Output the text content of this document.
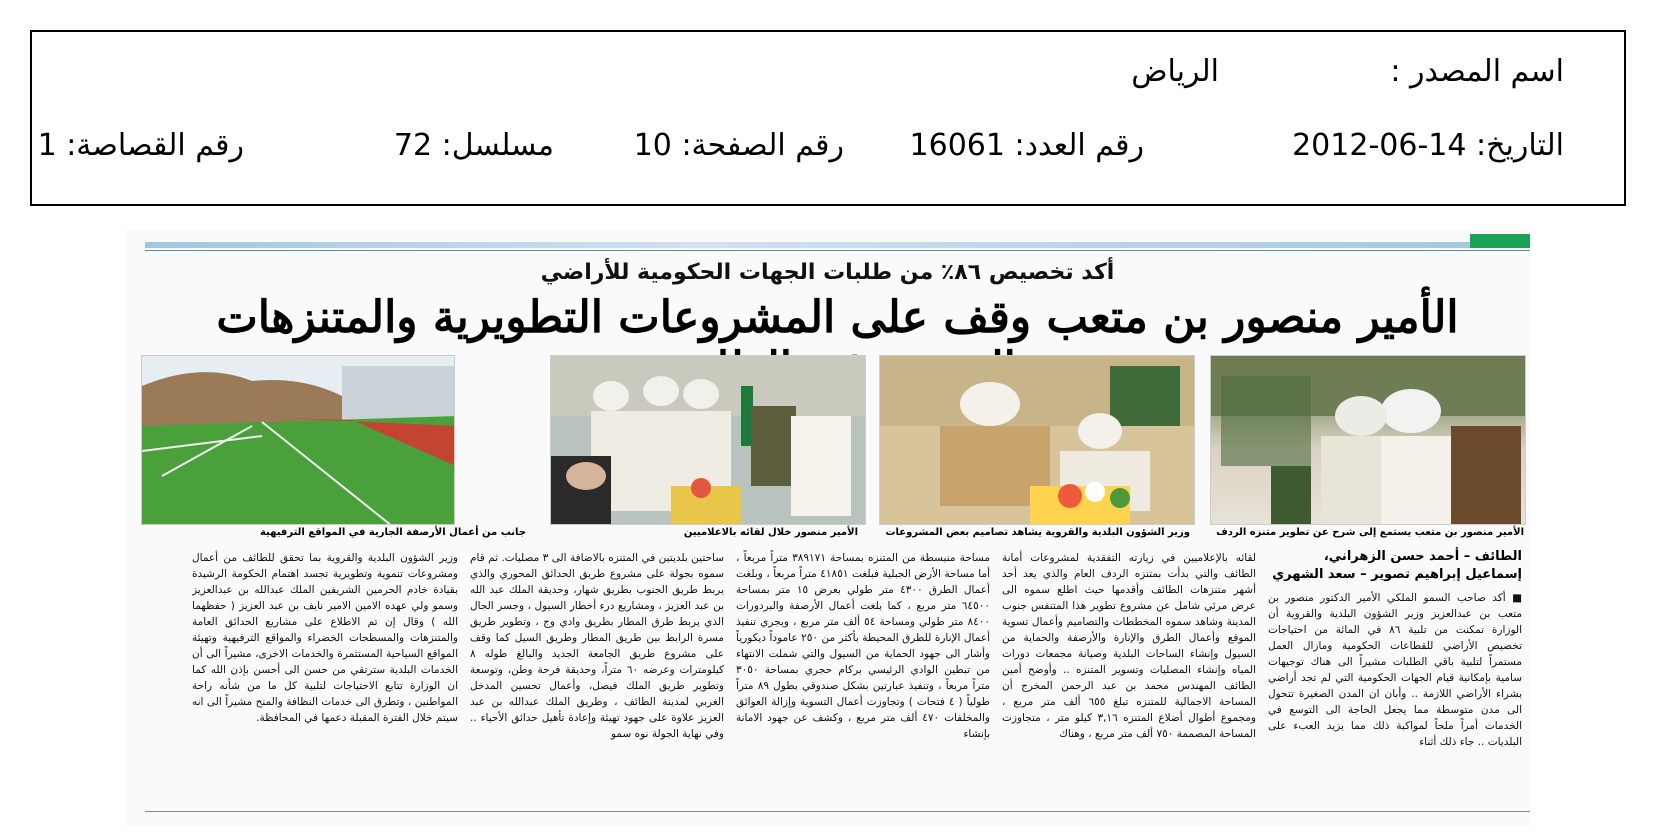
اسم المصدر :
الرياض
التاريخ: 14-06-2012
رقم العدد: 16061
رقم الصفحة: 10
مسلسل: 72
رقم القصاصة: 1
أكد تخصيص ٨٦٪ من طلبات الجهات الحكومية للأراضي
الأمير منصور بن متعب وقف على المشروعات التطويرية والمتنزهات
الأمير منصور بن متعب يستمع إلى شرح عن تطوير متنزه الردف
وزير الشؤون البلدية والقروية يشاهد تصاميم بعض المشروعات
الأمير منصور خلال لقائه بالاعلاميين
جانب من أعمال الأرصفة الجارية في المواقع الترفيهية
الطائف – أحمد حسن الزهراني، إسماعيل إبراهيم تصوير – سعد الشهري
■ أكد صاحب السمو الملكي الأمير الدكتور منصور بن متعب بن عبدالعزيز وزير الشؤون البلدية والقروية أن الوزارة تمكنت من تلبية ٨٦ في المائة من احتياجات تخصيص الأراضي للقطاعات الحكومية ومازال العمل مستمراً لتلبية باقي الطلبات مشيراً الى هناك توجيهات سامية بإمكانية قيام الجهات الحكومية التي لم تجد أراضي بشراء الأراضي اللازمة .. وأبان ان المدن الصغيرة تتحول الى مدن متوسطة مما يجعل الحاجة الى التوسع في الخدمات أمراً ملحاً لمواكبة ذلك مما يزيد العبء على البلديات .. جاء ذلك أثناء
لقائه بالإعلاميين في زيارته التفقدية لمشروعات أمانة الطائف والتي بدأت بمتنزه الردف العام والذي يعد أحد أشهر متنزهات الطائف وأقدمها حيث اطلع سموه الى عرض مرئي شامل عن مشروع تطوير هذا المتنفس جنوب المدينة وشاهد سموه المخططات والتصاميم وأعمال تسوية الموقع وأعمال الطرق والإنارة والأرصفة والحماية من السيول وإنشاء الساحات البلدية وصيانة مجمعات دورات المياه وإنشاء المصليات وتسوير المتنزه .. وأوضح أمين الطائف المهندس محمد بن عبد الرحمن المخرج أن المساحة الاجمالية للمتنزه تبلغ ٦٥٥ ألف متر مربع ، ومجموع أطوال أضلاع المتنزه ٣,١٦ كيلو متر ، متجاوزت المساحة المصممة ٧٥٠ ألف متر مربع ، وهناك
مساحة منبسطة من المتنزه بمساحة ٣٨٩١٧١ متراً مربعاً ، أما مساحة الأرض الجبلية فبلغت ٤١٨٥١ متراً مربعاً ، وبلغت أعمال الطرق ٤٣٠٠ متر طولي بعرض ١٥ متر بمساحة ٦٤٥٠٠ متر مربع ، كما بلغت أعمال الأرصفة والبردورات ٨٤٠٠ متر طولي ومساحة ٥٤ ألف متر مربع ، ويجري تنفيذ أعمال الإنارة للطرق المحيطة بأكثر من ٢٥٠ عاموداً ديكورياً وأشار الى جهود الحماية من السيول والتي شملت الانتهاء من تبطين الوادي الرئيسي بركام حجري بمساحة ٣٠٥٠ متراً مربعاً ، وتنفيذ عبارتين بشكل صندوقي بطول ٨٩ متراً طولياً ( ٤ فتحات ) وتجاوزت أعمال التسوية وإزالة العوائق والمخلفات ٤٧٠ ألف متر مربع ، وكشف عن جهود الامانة بإنشاء
ساحتين بلديتين في المتنزه بالاضافة الى ٣ مصليات. ثم قام سموه بجولة على مشروع طريق الحدائق المحوري والذي يربط طريق الجنوب بطريق شهار، وحديقة الملك عبد الله بن عبد العزيز ، ومشاريع درء أخطار السيول ، وجسر الجال الذي يربط طرق المطار بطريق وادي وج ، وتطوير طريق مسرة الرابط بين طريق المطار وطريق السيل كما وقف على مشروع طريق الجامعة الجديد والبالغ طوله ٨ كيلومترات وعرضه ٦٠ متراً، وحديقة فرحة وطن، وتوسعة وتطوير طريق الملك فيصل، وأعمال تحسين المدخل الغربي لمدينة الطائف ، وطريق الملك عبدالله بن عبد العزيز علاوة على جهود تهيئة وإعادة تأهيل حدائق الأحياء .. وفي نهاية الجولة نوه سمو
وزير الشؤون البلدية والقروية بما تحقق للطائف من أعمال ومشروعات تنموية وتطويرية تجسد اهتمام الحكومة الرشيدة بقيادة خادم الحرمين الشريفين الملك عبدالله بن عبدالعزيز وسمو ولي عهده الامين الامير نايف بن عبد العزيز ( حفظهما الله ) وقال إن تم الاطلاع على مشاريع الحدائق العامة والمتنزهات والمسطحات الخضراء والمواقع الترفيهية وتهيئة المواقع السياحية المستثمرة والخدمات الاخرى، مشيراً الى أن الخدمات البلدية سترتقي من حسن الى أحسن بإذن الله كما ان الوزارة تتابع الاحتياجات لتلبية كل ما من شأنه راحة المواطنين ، وتطرق الى خدمات النظافة والمنح مشيراً الى انه سيتم خلال الفترة المقبلة دعمها في المحافظة.
